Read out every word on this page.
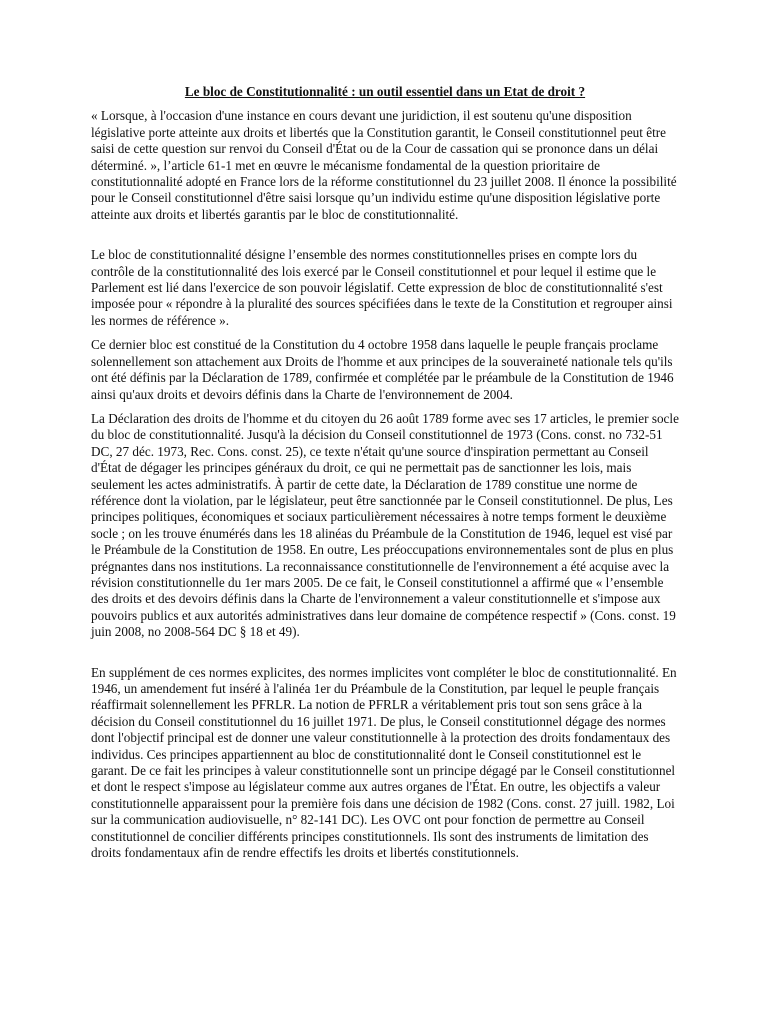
Le bloc de Constitutionnalité : un outil essentiel dans un Etat de droit ?

« Lorsque, à l'occasion d'une instance en cours devant une juridiction, il est soutenu qu'une disposition législative porte atteinte aux droits et libertés que la Constitution garantit, le Conseil constitutionnel peut être saisi de cette question sur renvoi du Conseil d'État ou de la Cour de cassation qui se prononce dans un délai déterminé. », l’article 61-1 met en œuvre le mécanisme fondamental de la question prioritaire de constitutionnalité adopté en France lors de la réforme constitutionnel du 23 juillet 2008. Il énonce la possibilité pour le Conseil constitutionnel d'être saisi lorsque qu’un individu estime qu'une disposition législative porte atteinte aux droits et libertés garantis par le bloc de constitutionnalité.

Le bloc de constitutionnalité désigne l’ensemble des normes constitutionnelles prises en compte lors du contrôle de la constitutionnalité des lois exercé par le Conseil constitutionnel et pour lequel il estime que le Parlement est lié dans l'exercice de son pouvoir législatif. Cette expression de bloc de constitutionnalité s'est imposée pour « répondre à la pluralité des sources spécifiées dans le texte de la Constitution et regrouper ainsi les normes de référence ».

Ce dernier bloc est constitué de la Constitution du 4 octobre 1958 dans laquelle le peuple français proclame solennellement son attachement aux Droits de l'homme et aux principes de la souveraineté nationale tels qu'ils ont été définis par la Déclaration de 1789, confirmée et complétée par le préambule de la Constitution de 1946 ainsi qu'aux droits et devoirs définis dans la Charte de l'environnement de 2004.

La Déclaration des droits de l'homme et du citoyen du 26 août 1789 forme avec ses 17 articles, le premier socle du bloc de constitutionnalité. Jusqu'à la décision du Conseil constitutionnel de 1973 (Cons. const. no 732-51 DC, 27 déc. 1973, Rec. Cons. const. 25), ce texte n'était qu'une source d'inspiration permettant au Conseil d'État de dégager les principes généraux du droit, ce qui ne permettait pas de sanctionner les lois, mais seulement les actes administratifs. À partir de cette date, la Déclaration de 1789 constitue une norme de référence dont la violation, par le législateur, peut être sanctionnée par le Conseil constitutionnel. De plus, Les principes politiques, économiques et sociaux particulièrement nécessaires à notre temps forment le deuxième socle ; on les trouve énumérés dans les 18 alinéas du Préambule de la Constitution de 1946, lequel est visé par le Préambule de la Constitution de 1958. En outre, Les préoccupations environnementales sont de plus en plus prégnantes dans nos institutions. La reconnaissance constitutionnelle de l'environnement a été acquise avec la révision constitutionnelle du 1er mars 2005. De ce fait, le Conseil constitutionnel a affirmé que « l’ensemble des droits et des devoirs définis dans la Charte de l'environnement a valeur constitutionnelle et s'impose aux pouvoirs publics et aux autorités administratives dans leur domaine de compétence respectif » (Cons. const. 19 juin 2008, no 2008-564 DC § 18 et 49).

En supplément de ces normes explicites, des normes implicites vont compléter le bloc de constitutionnalité. En 1946, un amendement fut inséré à l'alinéa 1er du Préambule de la Constitution, par lequel le peuple français réaffirmait solennellement les PFRLR. La notion de PFRLR a véritablement pris tout son sens grâce à la décision du Conseil constitutionnel du 16 juillet 1971. De plus, le Conseil constitutionnel dégage des normes dont l'objectif principal est de donner une valeur constitutionnelle à la protection des droits fondamentaux des individus. Ces principes appartiennent au bloc de constitutionnalité dont le Conseil constitutionnel est le garant. De ce fait les principes à valeur constitutionnelle sont un principe dégagé par le Conseil constitutionnel et dont le respect s'impose au législateur comme aux autres organes de l'État. En outre, les objectifs a valeur constitutionnelle apparaissent pour la première fois dans une décision de 1982 (Cons. const. 27 juill. 1982, Loi sur la communication audiovisuelle, n° 82-141 DC). Les OVC ont pour fonction de permettre au Conseil constitutionnel de concilier différents principes constitutionnels. Ils sont des instruments de limitation des droits fondamentaux afin de rendre effectifs les droits et libertés constitutionnels.
